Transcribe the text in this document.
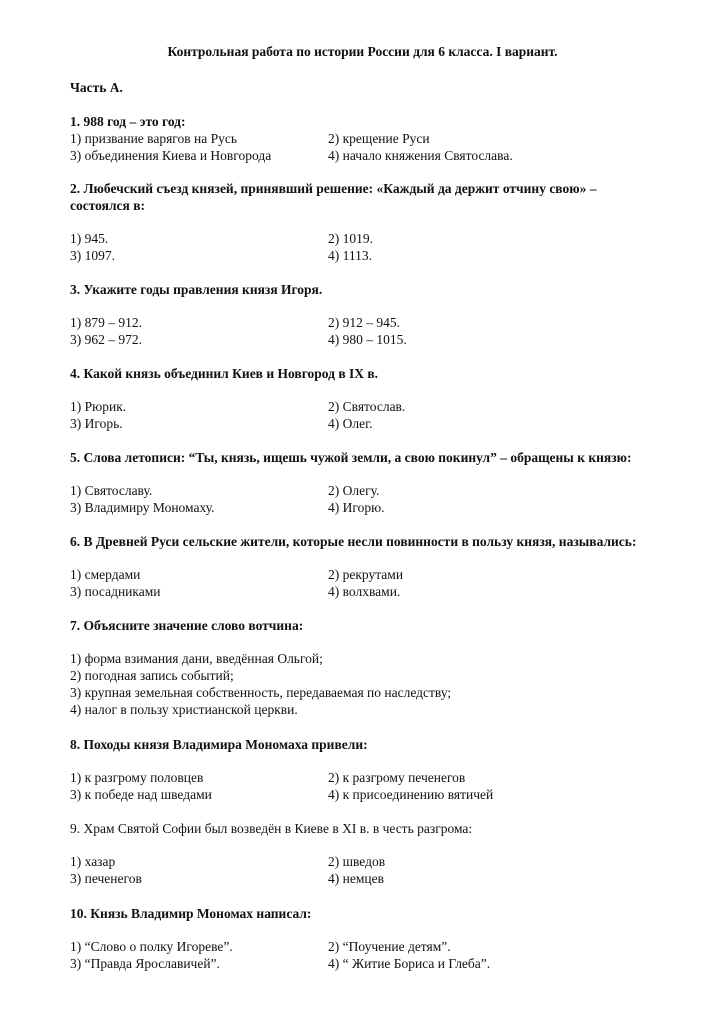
Контрольная работа по истории России для 6 класса. I вариант.
Часть А.
1. 988 год – это год:
1) призвание варягов на Русь	2) крещение Руси
3) объединения Киева и Новгорода	4) начало княжения Святослава.
2. Любечский съезд князей, принявший решение: «Каждый да держит отчину свою» –
состоялся в:
1) 945.	2) 1019.
3) 1097.	4) 1113.
3. Укажите годы правления князя Игоря.
1) 879 – 912.	2) 912 – 945.
3) 962 – 972.	4) 980 – 1015.
4. Какой князь объединил Киев и Новгород в IX в.
1) Рюрик.	2) Святослав.
3) Игорь.	4) Олег.
5. Слова летописи: “Ты, князь, ищешь чужой земли, а свою покинул” – обращены к князю:
1) Святославу.	2) Олегу.
3) Владимиру Мономаху.	4) Игорю.
6. В Древней Руси сельские жители, которые несли повинности в пользу князя, назывались:
1) смердами	2) рекрутами
3) посадниками	4) волхвами.
7. Объясните значение слово вотчина:
1) форма взимания дани, введённая Ольгой;
2) погодная запись событий;
3) крупная земельная собственность, передаваемая по наследству;
4) налог в пользу христианской церкви.
8. Походы князя Владимира Мономаха привели:
1) к разгрому половцев	2) к разгрому печенегов
3) к победе над шведами	4) к присоединению вятичей
9. Храм Святой Софии был возведён в Киеве в XI в. в честь разгрома:
1) хазар	2) шведов
3) печенегов	4) немцев
10. Князь Владимир Мономах написал:
1) “Слово о полку Игореве”.	2) “Поучение детям”.
3) “Правда Ярославичей”.	4) “ Житие Бориса и Глеба”.
